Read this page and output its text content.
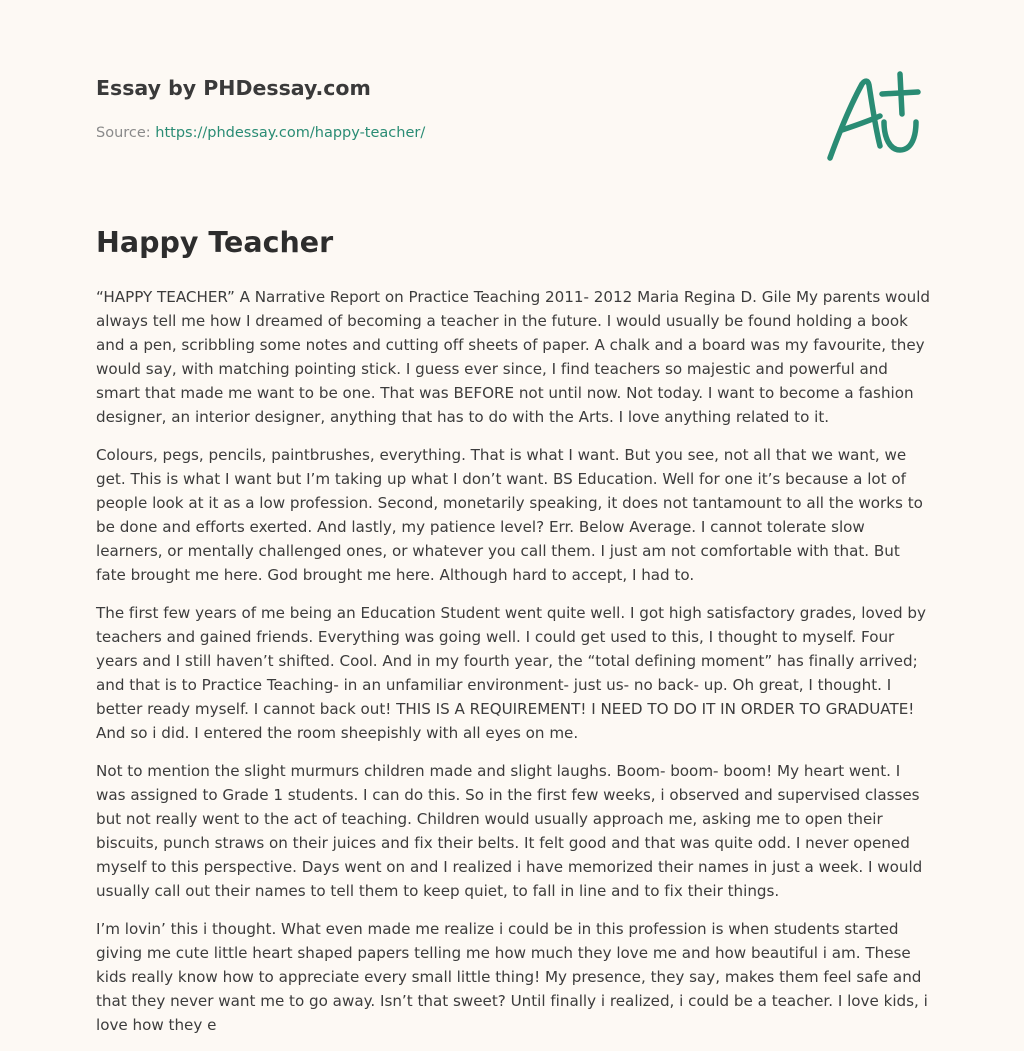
Essay by PHDessay.com
Source: https://phdessay.com/happy-teacher/
Happy Teacher

“HAPPY TEACHER” A Narrative Report on Practice Teaching 2011- 2012 Maria Regina D. Gile My parents would always tell me how I dreamed of becoming a teacher in the future. I would usually be found holding a book and a pen, scribbling some notes and cutting off sheets of paper. A chalk and a board was my favourite, they would say, with matching pointing stick. I guess ever since, I find teachers so majestic and powerful and smart that made me want to be one. That was BEFORE not until now. Not today. I want to become a fashion designer, an interior designer, anything that has to do with the Arts. I love anything related to it.

Colours, pegs, pencils, paintbrushes, everything. That is what I want. But you see, not all that we want, we get. This is what I want but I’m taking up what I don’t want. BS Education. Well for one it’s because a lot of people look at it as a low profession. Second, monetarily speaking, it does not tantamount to all the works to be done and efforts exerted. And lastly, my patience level? Err. Below Average. I cannot tolerate slow learners, or mentally challenged ones, or whatever you call them. I just am not comfortable with that. But fate brought me here. God brought me here. Although hard to accept, I had to.

The first few years of me being an Education Student went quite well. I got high satisfactory grades, loved by teachers and gained friends. Everything was going well. I could get used to this, I thought to myself. Four years and I still haven’t shifted. Cool. And in my fourth year, the “total defining moment” has finally arrived; and that is to Practice Teaching- in an unfamiliar environment- just us- no back- up. Oh great, I thought. I better ready myself. I cannot back out! THIS IS A REQUIREMENT! I NEED TO DO IT IN ORDER TO GRADUATE! And so i did. I entered the room sheepishly with all eyes on me.

Not to mention the slight murmurs children made and slight laughs. Boom- boom- boom! My heart went. I was assigned to Grade 1 students. I can do this. So in the first few weeks, i observed and supervised classes but not really went to the act of teaching. Children would usually approach me, asking me to open their biscuits, punch straws on their juices and fix their belts. It felt good and that was quite odd. I never opened myself to this perspective. Days went on and I realized i have memorized their names in just a week. I would usually call out their names to tell them to keep quiet, to fall in line and to fix their things.

I’m lovin’ this i thought. What even made me realize i could be in this profession is when students started giving me cute little heart shaped papers telling me how much they love me and how beautiful i am. These kids really know how to appreciate every small little thing! My presence, they say, makes them feel safe and that they never want me to go away. Isn’t that sweet? Until finally i realized, i could be a teacher. I love kids, i love how they e
